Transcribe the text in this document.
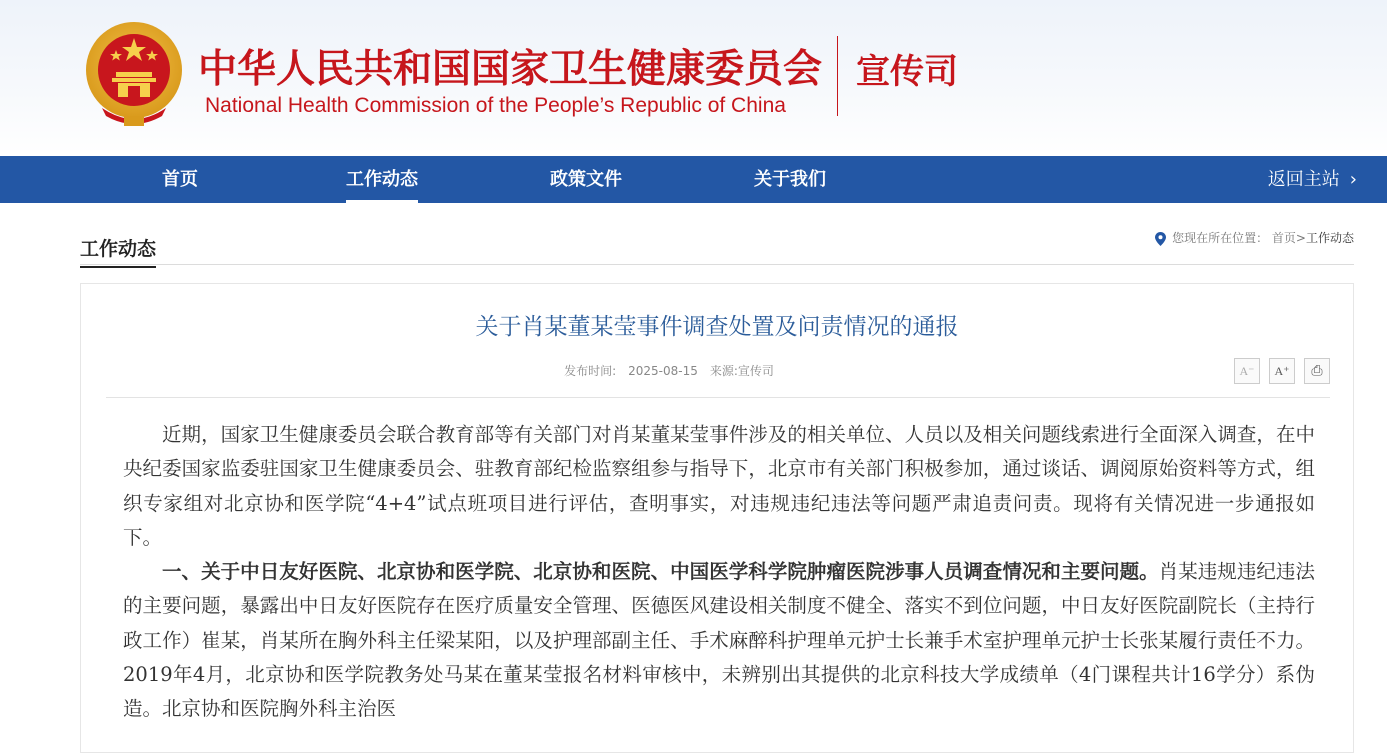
中华人民共和国国家卫生健康委员会
National Health Commission of the People’s Republic of China
宣传司
首页	工作动态	政策文件	关于我们	返回主站 ›
工作动态	您现在所在位置： 首页>工作动态
关于肖某董某莹事件调查处置及问责情况的通报
发布时间: 2025-08-15 来源:宣传司	A⁻	A⁺	⎙

近期，国家卫生健康委员会联合教育部等有关部门对肖某董某莹事件涉及的相关单位、人员以及相关问题线索进行全面深入调查，在中央纪委国家监委驻国家卫生健康委员会、驻教育部纪检监察组参与指导下，北京市有关部门积极参加，通过谈话、调阅原始资料等方式，组织专家组对北京协和医学院“4+4”试点班项目进行评估，查明事实，对违规违纪违法等问题严肃追责问责。现将有关情况进一步通报如下。

一、关于中日友好医院、北京协和医学院、北京协和医院、中国医学科学院肿瘤医院涉事人员调查情况和主要问题。肖某违规违纪违法的主要问题，暴露出中日友好医院存在医疗质量安全管理、医德医风建设相关制度不健全、落实不到位问题，中日友好医院副院长（主持行政工作）崔某，肖某所在胸外科主任梁某阳，以及护理部副主任、手术麻醉科护理单元护士长兼手术室护理单元护士长张某履行责任不力。2019年4月，北京协和医学院教务处马某在董某莹报名材料审核中，未辨别出其提供的北京科技大学成绩单（4门课程共计16学分）系伪造。北京协和医院胸外科主治医
